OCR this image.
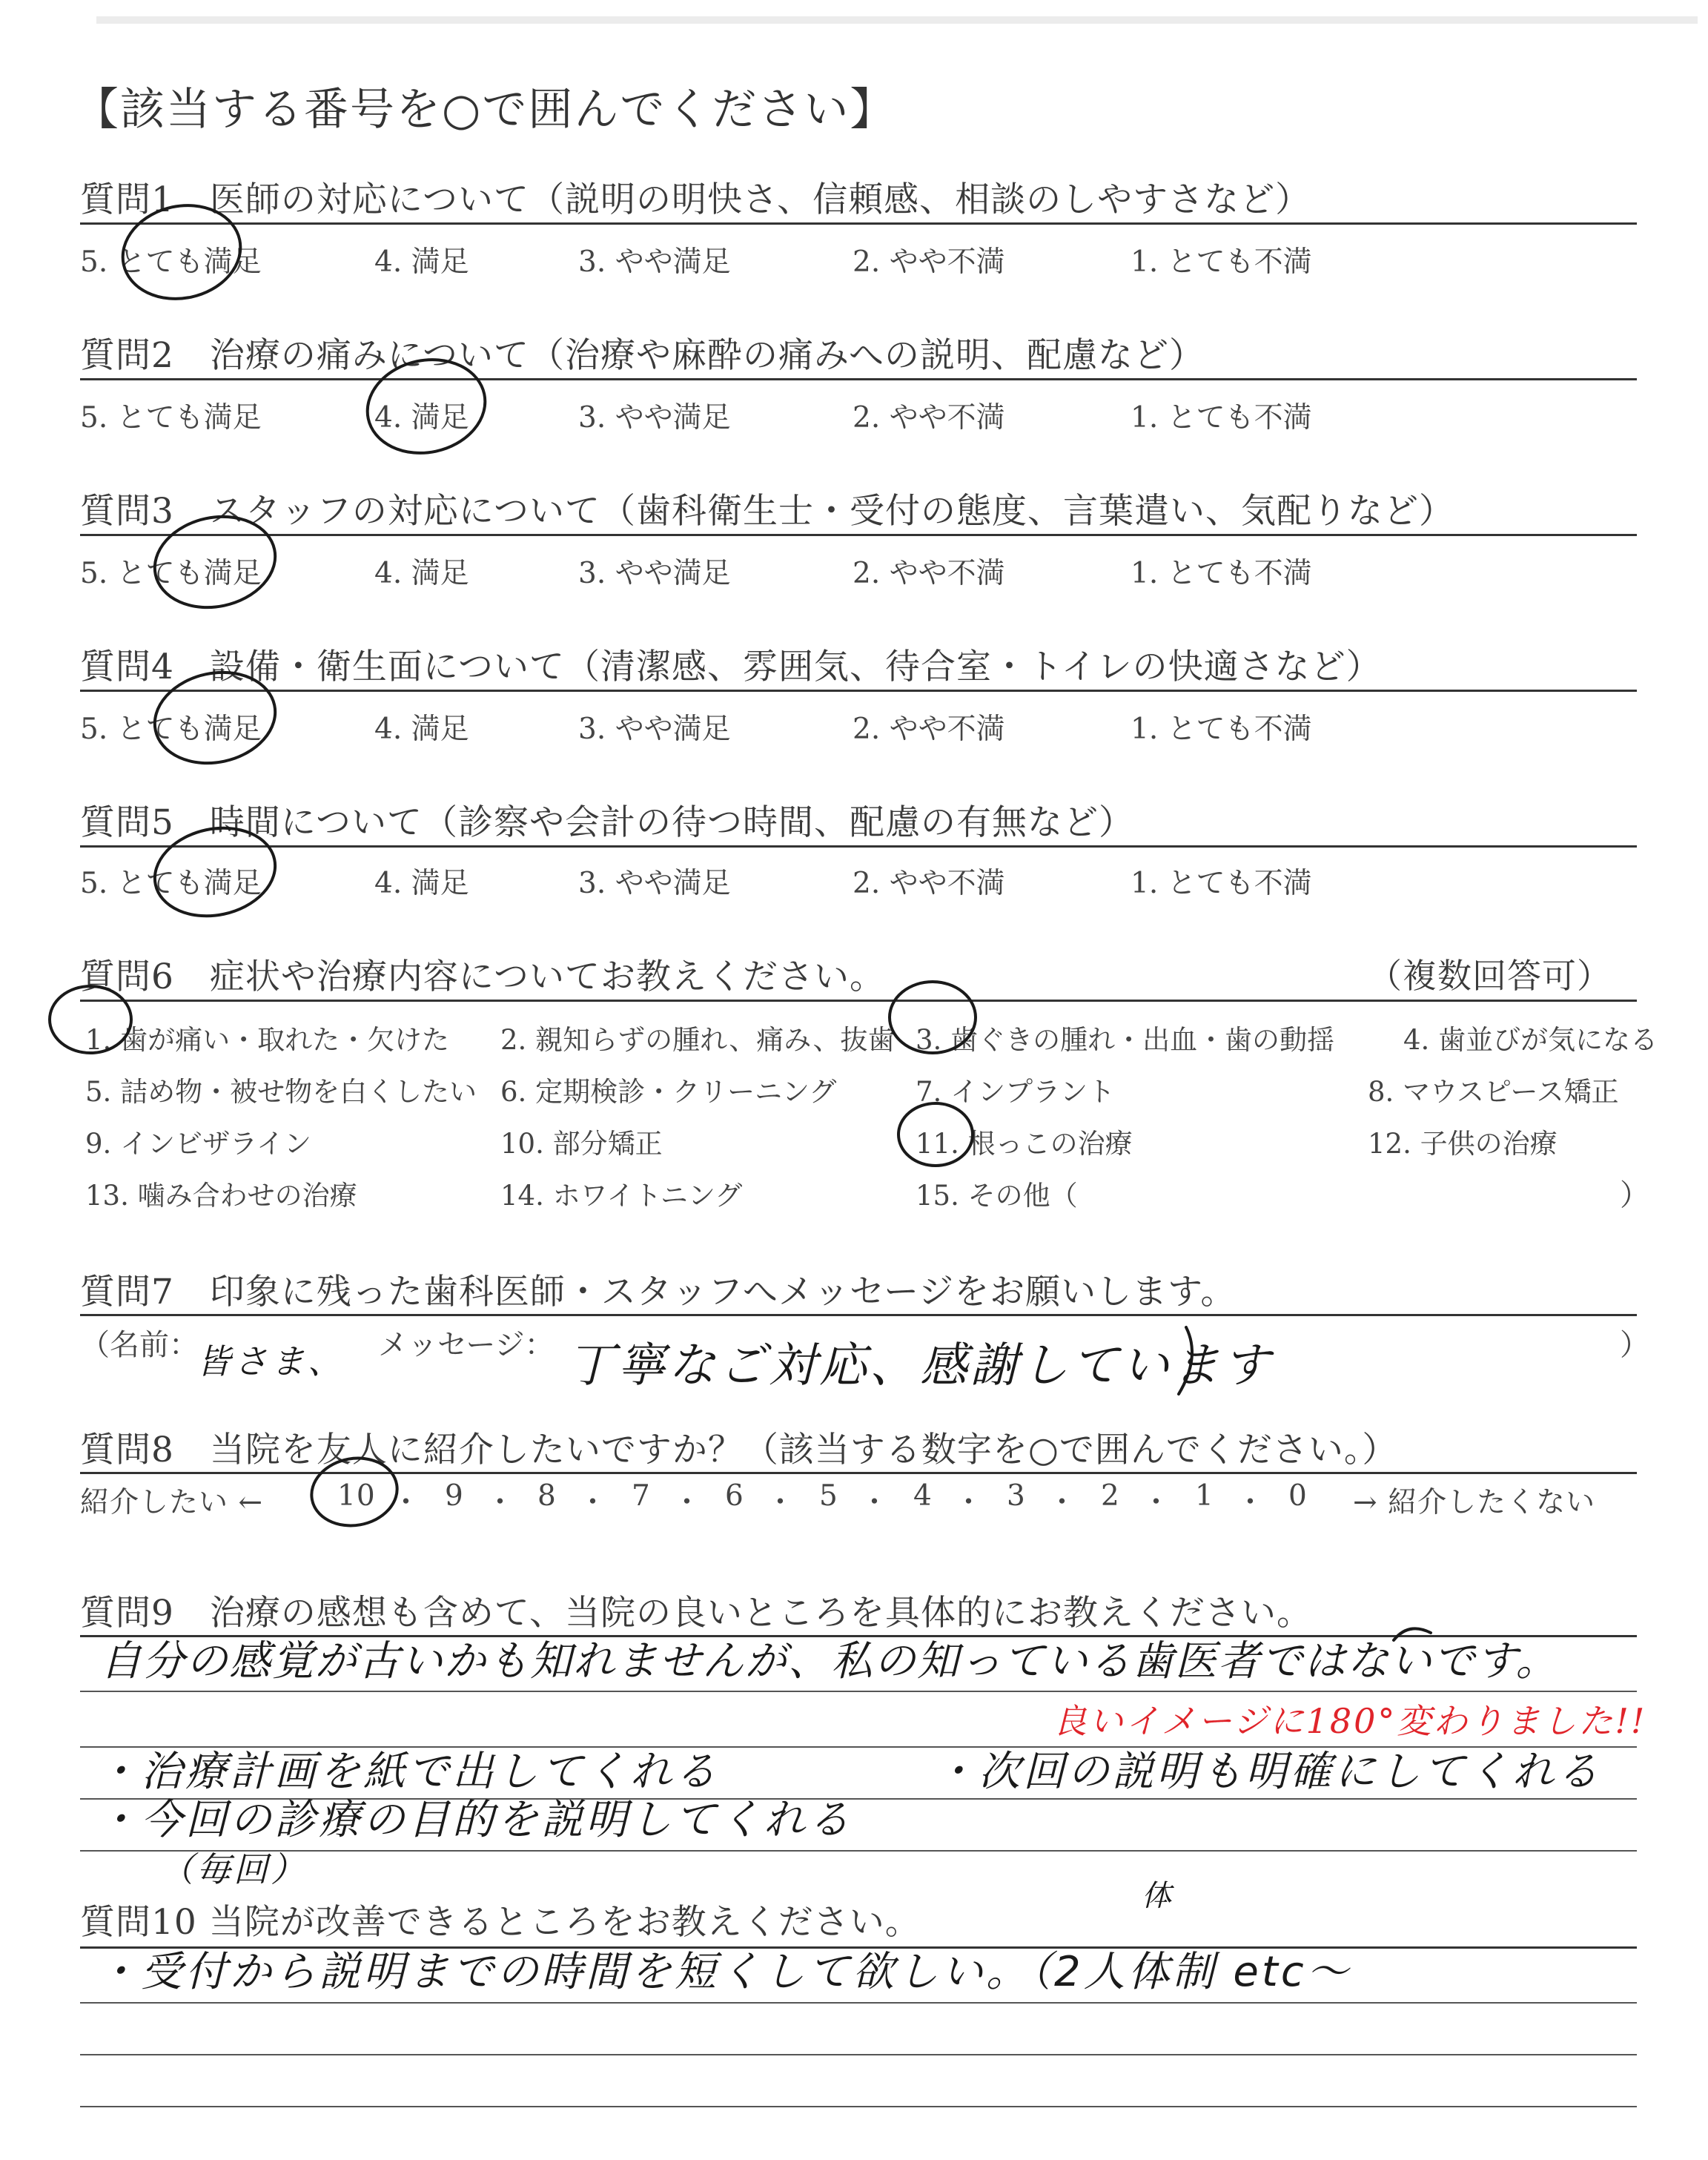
【該当する番号を○で囲んでください】
質問1　医師の対応について（説明の明快さ、信頼感、相談のしやすさなど）
5. とても満足	4. 満足	3. やや満足	2. やや不満	1. とても不満
質問2　治療の痛みについて（治療や麻酔の痛みへの説明、配慮など）
5. とても満足	4. 満足	3. やや満足	2. やや不満	1. とても不満
質問3　スタッフの対応について（歯科衛生士・受付の態度、言葉遣い、気配りなど）
5. とても満足	4. 満足	3. やや満足	2. やや不満	1. とても不満
質問4　設備・衛生面について（清潔感、雰囲気、待合室・トイレの快適さなど）
5. とても満足	4. 満足	3. やや満足	2. やや不満	1. とても不満
質問5　時間について（診察や会計の待つ時間、配慮の有無など）
5. とても満足	4. 満足	3. やや満足	2. やや不満	1. とても不満
質問6　症状や治療内容についてお教えください。	（複数回答可）
1. 歯が痛い・取れた・欠けた 2. 親知らずの腫れ、痛み、抜歯 3. 歯ぐきの腫れ・出血・歯の動揺	4. 歯並びが気になる
5. 詰め物・被せ物を白くしたい 6. 定期検診・クリーニング	7. インプラント	8. マウスピース矯正
9. インビザライン	10. 部分矯正	11. 根っこの治療	12. 子供の治療
13. 噛み合わせの治療	14. ホワイトニング	15. その他（	）
質問7　印象に残った歯科医師・スタッフへメッセージをお願いします。
（名前：
皆さま、 メッセージ： 丁寧なご対応、感謝しています	）
質問8　当院を友人に紹介したいですか？（該当する数字を○で囲んでください。）
紹介したい ←	→ 紹介したくない
10 ・ 9 ・ 8 ・ 7 ・ 6 ・ 5 ・ 4 ・ 3 ・ 2 ・ 1 ・ 0
質問9　治療の感想も含めて、当院の良いところを具体的にお教えください。
自分の感覚が古いかも知れませんが、私の知っている歯医者ではないです。
良いイメージに180°変わりました!!
・治療計画を紙で出してくれる	・次回の説明も明確にしてくれる
・今回の診療の目的を説明してくれる
（毎回）
質問10 当院が改善できるところをお教えください。
体
・受付から説明までの時間を短くして欲しい。（2人体制 etc～
